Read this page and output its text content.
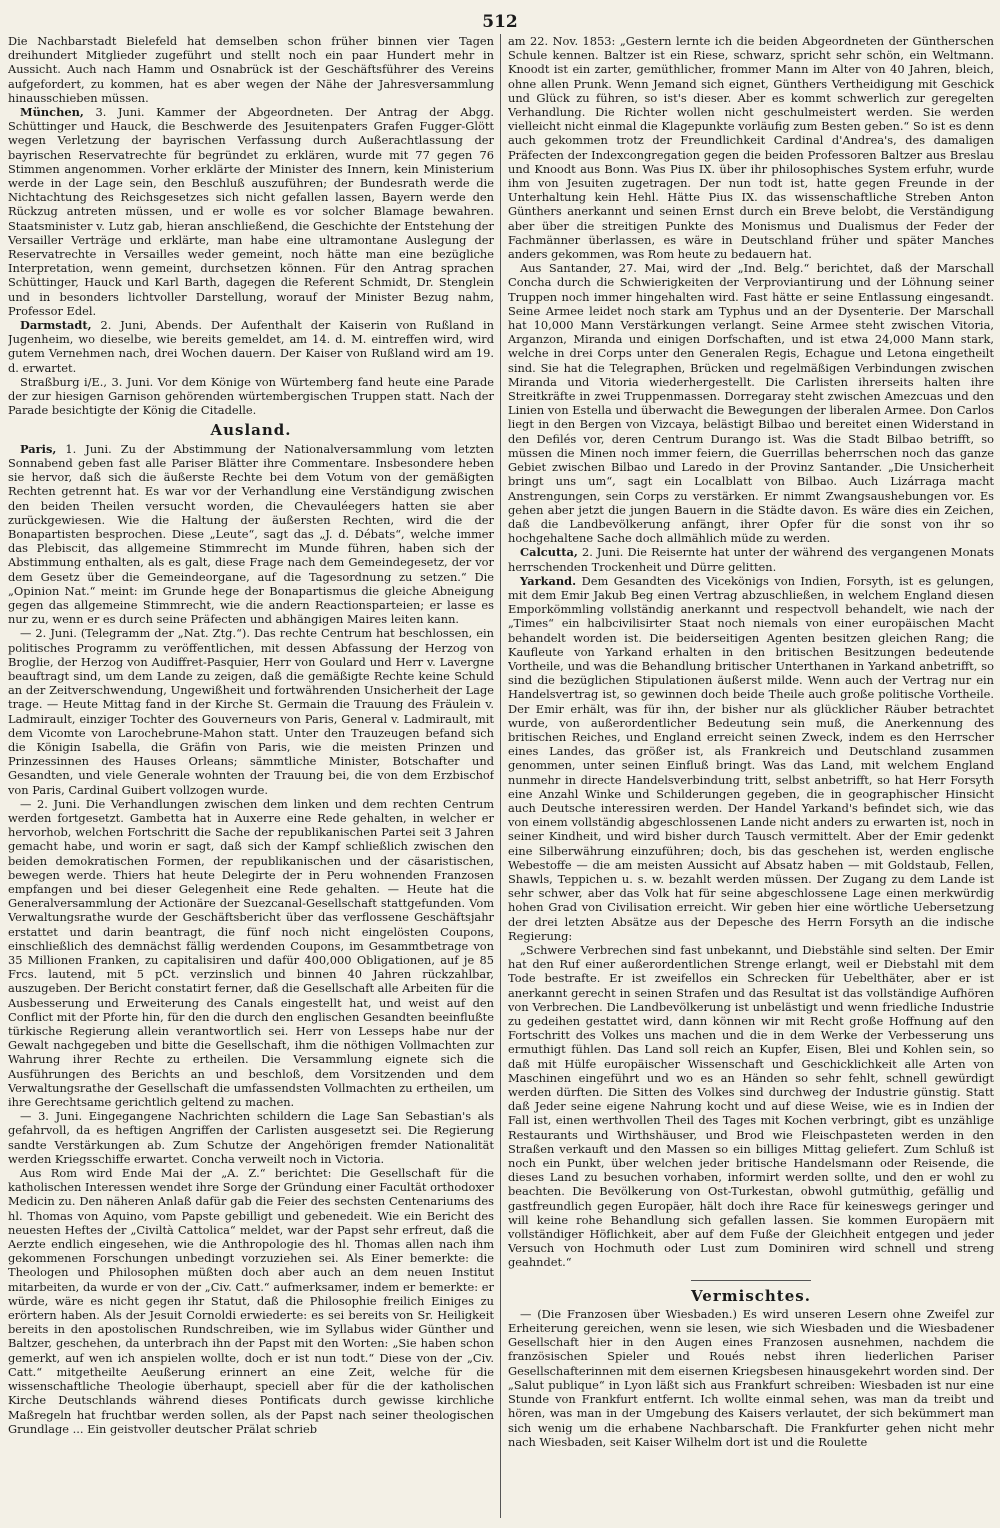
512

Die Nachbarstadt Bielefeld hat demselben schon früher binnen vier Tagen dreihundert Mitglieder zugeführt und stellt noch ein paar Hundert mehr in Aussicht. Auch nach Hamm und Osnabrück ist der Geschäftsführer des Vereins aufgefordert, zu kommen, hat es aber wegen der Nähe der Jahresversammlung hinausschieben müssen.

München, 3. Juni. Kammer der Abgeordneten. Der Antrag der Abgg. Schüttinger und Hauck, die Beschwerde des Jesuitenpaters Grafen Fugger-Glött wegen Verletzung der bayrischen Verfassung durch Außerachtlassung der bayrischen Reservatrechte für begründet zu erklären, wurde mit 77 gegen 76 Stimmen angenommen. Vorher erklärte der Minister des Innern, kein Ministerium werde in der Lage sein, den Beschluß auszuführen; der Bundesrath werde die Nichtachtung des Reichsgesetzes sich nicht gefallen lassen, Bayern werde den Rückzug antreten müssen, und er wolle es vor solcher Blamage bewahren. Staatsminister v. Lutz gab, hieran anschließend, die Geschichte der Entstehung der Versailler Verträge und erklärte, man habe eine ultramontane Auslegung der Reservatrechte in Versailles weder gemeint, noch hätte man eine bezügliche Interpretation, wenn gemeint, durchsetzen können. Für den Antrag sprachen Schüttinger, Hauck und Karl Barth, dagegen die Referent Schmidt, Dr. Stenglein und in besonders lichtvoller Darstellung, worauf der Minister Bezug nahm, Professor Edel.

Darmstadt, 2. Juni, Abends. Der Aufenthalt der Kaiserin von Rußland in Jugenheim, wo dieselbe, wie bereits gemeldet, am 14. d. M. eintreffen wird, wird gutem Vernehmen nach, drei Wochen dauern. Der Kaiser von Rußland wird am 19. d. erwartet.

Straßburg i/E., 3. Juni. Vor dem Könige von Würtemberg fand heute eine Parade der zur hiesigen Garnison gehörenden würtembergischen Truppen statt. Nach der Parade besichtigte der König die Citadelle.

Ausland.

Paris, 1. Juni. Zu der Abstimmung der Nationalversammlung vom letzten Sonnabend geben fast alle Pariser Blätter ihre Commentare. Insbesondere heben sie hervor, daß sich die äußerste Rechte bei dem Votum von der gemäßigten Rechten getrennt hat. Es war vor der Verhandlung eine Verständigung zwischen den beiden Theilen versucht worden, die Chevauléegers hatten sie aber zurückgewiesen. Wie die Haltung der äußersten Rechten, wird die der Bonapartisten besprochen. Diese „Leute“, sagt das „J. d. Débats“, welche immer das Plebiscit, das allgemeine Stimmrecht im Munde führen, haben sich der Abstimmung enthalten, als es galt, diese Frage nach dem Gemeindegesetz, der vor dem Gesetz über die Gemeindeorgane, auf die Tagesordnung zu setzen.“ Die „Opinion Nat.“ meint: im Grunde hege der Bonapartismus die gleiche Abneigung gegen das allgemeine Stimmrecht, wie die andern Reactionsparteien; er lasse es nur zu, wenn er es durch seine Präfecten und abhängigen Maires leiten kann.

— 2. Juni. (Telegramm der „Nat. Ztg.“). Das rechte Centrum hat beschlossen, ein politisches Programm zu veröffentlichen, mit dessen Abfassung der Herzog von Broglie, der Herzog von Audiffret-Pasquier, Herr von Goulard und Herr v. Lavergne beauftragt sind, um dem Lande zu zeigen, daß die gemäßigte Rechte keine Schuld an der Zeitverschwendung, Ungewißheit und fortwährenden Unsicherheit der Lage trage. — Heute Mittag fand in der Kirche St. Germain die Trauung des Fräulein v. Ladmirault, einziger Tochter des Gouverneurs von Paris, General v. Ladmirault, mit dem Vicomte von Larochebrune-Mahon statt. Unter den Trauzeugen befand sich die Königin Isabella, die Gräfin von Paris, wie die meisten Prinzen und Prinzessinnen des Hauses Orleans; sämmtliche Minister, Botschafter und Gesandten, und viele Generale wohnten der Trauung bei, die von dem Erzbischof von Paris, Cardinal Guibert vollzogen wurde.

— 2. Juni. Die Verhandlungen zwischen dem linken und dem rechten Centrum werden fortgesetzt. Gambetta hat in Auxerre eine Rede gehalten, in welcher er hervorhob, welchen Fortschritt die Sache der republikanischen Partei seit 3 Jahren gemacht habe, und worin er sagt, daß sich der Kampf schließlich zwischen den beiden demokratischen Formen, der republikanischen und der cäsaristischen, bewegen werde. Thiers hat heute Delegirte der in Peru wohnenden Franzosen empfangen und bei dieser Gelegenheit eine Rede gehalten. — Heute hat die Generalversammlung der Actionäre der Suezcanal-Gesellschaft stattgefunden. Vom Verwaltungsrathe wurde der Geschäftsbericht über das verflossene Geschäftsjahr erstattet und darin beantragt, die fünf noch nicht eingelösten Coupons, einschließlich des demnächst fällig werdenden Coupons, im Gesammtbetrage von 35 Millionen Franken, zu capitalisiren und dafür 400,000 Obligationen, auf je 85 Frcs. lautend, mit 5 pCt. verzinslich und binnen 40 Jahren rückzahlbar, auszugeben. Der Bericht constatirt ferner, daß die Gesellschaft alle Arbeiten für die Ausbesserung und Erweiterung des Canals eingestellt hat, und weist auf den Conflict mit der Pforte hin, für den die durch den englischen Gesandten beeinflußte türkische Regierung allein verantwortlich sei. Herr von Lesseps habe nur der Gewalt nachgegeben und bitte die Gesellschaft, ihm die nöthigen Vollmachten zur Wahrung ihrer Rechte zu ertheilen. Die Versammlung eignete sich die Ausführungen des Berichts an und beschloß, dem Vorsitzenden und dem Verwaltungsrathe der Gesellschaft die umfassendsten Vollmachten zu ertheilen, um ihre Gerechtsame gerichtlich geltend zu machen.

— 3. Juni. Eingegangene Nachrichten schildern die Lage San Sebastian's als gefahrvoll, da es heftigen Angriffen der Carlisten ausgesetzt sei. Die Regierung sandte Verstärkungen ab. Zum Schutze der Angehörigen fremder Nationalität werden Kriegsschiffe erwartet. Concha verweilt noch in Victoria.

Aus Rom wird Ende Mai der „A. Z.“ berichtet: Die Gesellschaft für die katholischen Interessen wendet ihre Sorge der Gründung einer Facultät orthodoxer Medicin zu. Den näheren Anlaß dafür gab die Feier des sechsten Centenariums des hl. Thomas von Aquino, vom Papste gebilligt und gebenedeit. Wie ein Bericht des neuesten Heftes der „Civiltà Cattolica“ meldet, war der Papst sehr erfreut, daß die Aerzte endlich eingesehen, wie die Anthropologie des hl. Thomas allen nach ihm gekommenen Forschungen unbedingt vorzuziehen sei. Als Einer bemerkte: die Theologen und Philosophen müßten doch aber auch an dem neuen Institut mitarbeiten, da wurde er von der „Civ. Catt.“ aufmerksamer, indem er bemerkte: er würde, wäre es nicht gegen ihr Statut, daß die Philosophie freilich Einiges zu erörtern haben. Als der Jesuit Cornoldi erwiederte: es sei bereits von Sr. Heiligkeit bereits in den apostolischen Rundschreiben, wie im Syllabus wider Günther und Baltzer, geschehen, da unterbrach ihn der Papst mit den Worten: „Sie haben schon gemerkt, auf wen ich anspielen wollte, doch er ist nun todt.“ Diese von der „Civ. Catt.“ mitgetheilte Aeußerung erinnert an eine Zeit, welche für die wissenschaftliche Theologie überhaupt, speciell aber für die der katholischen Kirche Deutschlands während dieses Pontificats durch gewisse kirchliche Maßregeln hat fruchtbar werden sollen, als der Papst nach seiner theologischen Grundlage ... Ein geistvoller deutscher Prälat schrieb

am 22. Nov. 1853: „Gestern lernte ich die beiden Abgeordneten der Güntherschen Schule kennen. Baltzer ist ein Riese, schwarz, spricht sehr schön, ein Weltmann. Knoodt ist ein zarter, gemüthlicher, frommer Mann im Alter von 40 Jahren, bleich, ohne allen Prunk. Wenn Jemand sich eignet, Günthers Vertheidigung mit Geschick und Glück zu führen, so ist's dieser. Aber es kommt schwerlich zur geregelten Verhandlung. Die Richter wollen nicht geschulmeistert werden. Sie werden vielleicht nicht einmal die Klagepunkte vorläufig zum Besten geben.“ So ist es denn auch gekommen trotz der Freundlichkeit Cardinal d'Andrea's, des damaligen Präfecten der Indexcongregation gegen die beiden Professoren Baltzer aus Breslau und Knoodt aus Bonn. Was Pius IX. über ihr philosophisches System erfuhr, wurde ihm von Jesuiten zugetragen. Der nun todt ist, hatte gegen Freunde in der Unterhaltung kein Hehl. Hätte Pius IX. das wissenschaftliche Streben Anton Günthers anerkannt und seinen Ernst durch ein Breve belobt, die Verständigung aber über die streitigen Punkte des Monismus und Dualismus der Feder der Fachmänner überlassen, es wäre in Deutschland früher und später Manches anders gekommen, was Rom heute zu bedauern hat.

Aus Santander, 27. Mai, wird der „Ind. Belg.“ berichtet, daß der Marschall Concha durch die Schwierigkeiten der Verproviantirung und der Löhnung seiner Truppen noch immer hingehalten wird. Fast hätte er seine Entlassung eingesandt. Seine Armee leidet noch stark am Typhus und an der Dysenterie. Der Marschall hat 10,000 Mann Verstärkungen verlangt. Seine Armee steht zwischen Vitoria, Arganzon, Miranda und einigen Dorfschaften, und ist etwa 24,000 Mann stark, welche in drei Corps unter den Generalen Regis, Echague und Letona eingetheilt sind. Sie hat die Telegraphen, Brücken und regelmäßigen Verbindungen zwischen Miranda und Vitoria wiederhergestellt. Die Carlisten ihrerseits halten ihre Streitkräfte in zwei Truppenmassen. Dorregaray steht zwischen Amezcuas und den Linien von Estella und überwacht die Bewegungen der liberalen Armee. Don Carlos liegt in den Bergen von Vizcaya, belästigt Bilbao und bereitet einen Widerstand in den Defilés vor, deren Centrum Durango ist. Was die Stadt Bilbao betrifft, so müssen die Minen noch immer feiern, die Guerrillas beherrschen noch das ganze Gebiet zwischen Bilbao und Laredo in der Provinz Santander. „Die Unsicherheit bringt uns um“, sagt ein Localblatt von Bilbao. Auch Lizárraga macht Anstrengungen, sein Corps zu verstärken. Er nimmt Zwangsaushebungen vor. Es gehen aber jetzt die jungen Bauern in die Städte davon. Es wäre dies ein Zeichen, daß die Landbevölkerung anfängt, ihrer Opfer für die sonst von ihr so hochgehaltene Sache doch allmählich müde zu werden.

Calcutta, 2. Juni. Die Reisernte hat unter der während des vergangenen Monats herrschenden Trockenheit und Dürre gelitten.

Yarkand. Dem Gesandten des Vicekönigs von Indien, Forsyth, ist es gelungen, mit dem Emir Jakub Beg einen Vertrag abzuschließen, in welchem England diesen Emporkömmling vollständig anerkannt und respectvoll behandelt, wie nach der „Times“ ein halbcivilisirter Staat noch niemals von einer europäischen Macht behandelt worden ist. Die beiderseitigen Agenten besitzen gleichen Rang; die Kaufleute von Yarkand erhalten in den britischen Besitzungen bedeutende Vortheile, und was die Behandlung britischer Unterthanen in Yarkand anbetrifft, so sind die bezüglichen Stipulationen äußerst milde. Wenn auch der Vertrag nur ein Handelsvertrag ist, so gewinnen doch beide Theile auch große politische Vortheile. Der Emir erhält, was für ihn, der bisher nur als glücklicher Räuber betrachtet wurde, von außerordentlicher Bedeutung sein muß, die Anerkennung des britischen Reiches, und England erreicht seinen Zweck, indem es den Herrscher eines Landes, das größer ist, als Frankreich und Deutschland zusammen genommen, unter seinen Einfluß bringt. Was das Land, mit welchem England nunmehr in directe Handelsverbindung tritt, selbst anbetrifft, so hat Herr Forsyth eine Anzahl Winke und Schilderungen gegeben, die in geographischer Hinsicht auch Deutsche interessiren werden. Der Handel Yarkand's befindet sich, wie das von einem vollständig abgeschlossenen Lande nicht anders zu erwarten ist, noch in seiner Kindheit, und wird bisher durch Tausch vermittelt. Aber der Emir gedenkt eine Silberwährung einzuführen; doch, bis das geschehen ist, werden englische Webestoffe — die am meisten Aussicht auf Absatz haben — mit Goldstaub, Fellen, Shawls, Teppichen u. s. w. bezahlt werden müssen. Der Zugang zu dem Lande ist sehr schwer, aber das Volk hat für seine abgeschlossene Lage einen merkwürdig hohen Grad von Civilisation erreicht. Wir geben hier eine wörtliche Uebersetzung der drei letzten Absätze aus der Depesche des Herrn Forsyth an die indische Regierung:

„Schwere Verbrechen sind fast unbekannt, und Diebstähle sind selten. Der Emir hat den Ruf einer außerordentlichen Strenge erlangt, weil er Diebstahl mit dem Tode bestrafte. Er ist zweifellos ein Schrecken für Uebelthäter, aber er ist anerkannt gerecht in seinen Strafen und das Resultat ist das vollständige Aufhören von Verbrechen. Die Landbevölkerung ist unbelästigt und wenn friedliche Industrie zu gedeihen gestattet wird, dann können wir mit Recht große Hoffnung auf den Fortschritt des Volkes uns machen und die in dem Werke der Verbesserung uns ermuthigt fühlen. Das Land soll reich an Kupfer, Eisen, Blei und Kohlen sein, so daß mit Hülfe europäischer Wissenschaft und Geschicklichkeit alle Arten von Maschinen eingeführt und wo es an Händen so sehr fehlt, schnell gewürdigt werden dürften. Die Sitten des Volkes sind durchweg der Industrie günstig. Statt daß Jeder seine eigene Nahrung kocht und auf diese Weise, wie es in Indien der Fall ist, einen werthvollen Theil des Tages mit Kochen verbringt, gibt es unzählige Restaurants und Wirthshäuser, und Brod wie Fleischpasteten werden in den Straßen verkauft und den Massen so ein billiges Mittag geliefert. Zum Schluß ist noch ein Punkt, über welchen jeder britische Handelsmann oder Reisende, die dieses Land zu besuchen vorhaben, informirt werden sollte, und den er wohl zu beachten. Die Bevölkerung von Ost-Turkestan, obwohl gutmüthig, gefällig und gastfreundlich gegen Europäer, hält doch ihre Race für keineswegs geringer und will keine rohe Behandlung sich gefallen lassen. Sie kommen Europäern mit vollständiger Höflichkeit, aber auf dem Fuße der Gleichheit entgegen und jeder Versuch von Hochmuth oder Lust zum Dominiren wird schnell und streng geahndet.“

Vermischtes.

— (Die Franzosen über Wiesbaden.) Es wird unseren Lesern ohne Zweifel zur Erheiterung gereichen, wenn sie lesen, wie sich Wiesbaden und die Wiesbadener Gesellschaft hier in den Augen eines Franzosen ausnehmen, nachdem die französischen Spieler und Roués nebst ihren liederlichen Pariser Gesellschafterinnen mit dem eisernen Kriegsbesen hinausgekehrt worden sind. Der „Salut publique“ in Lyon läßt sich aus Frankfurt schreiben: Wiesbaden ist nur eine Stunde von Frankfurt entfernt. Ich wollte einmal sehen, was man da treibt und hören, was man in der Umgebung des Kaisers verlautet, der sich bekümmert man sich wenig um die erhabene Nachbarschaft. Die Frankfurter gehen nicht mehr nach Wiesbaden, seit Kaiser Wilhelm dort ist und die Roulette
